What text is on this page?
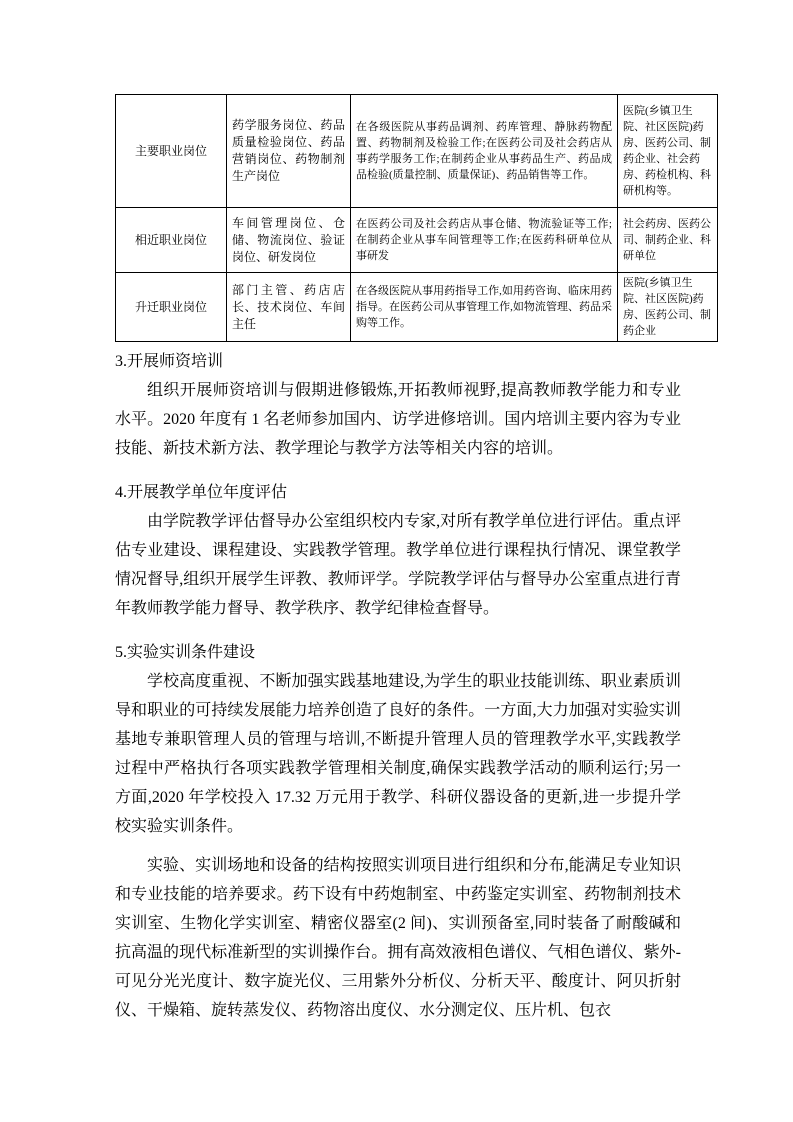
主要职业岗位	药学服务岗位、药品质量检验岗位、药品营销岗位、药物制剂生产岗位	在各级医院从事药品调剂、药库管理、静脉药物配置、药物制剂及检验工作;在医药公司及社会药店从事药学服务工作;在制药企业从事药品生产、药品成品检验(质量控制、质量保证)、药品销售等工作。	医院(乡镇卫生院、社区医院)药房、医药公司、制药企业、社会药房、药检机构、科研机构等。
相近职业岗位	车间管理岗位、仓储、物流岗位、验证岗位、研发岗位	在医药公司及社会药店从事仓储、物流验证等工作;在制药企业从事车间管理等工作;在医药科研单位从事研发	社会药房、医药公司、制药企业、科研单位
升迁职业岗位	部门主管、药店店长、技术岗位、车间主任	在各级医院从事用药指导工作,如用药咨询、临床用药指导。在医药公司从事管理工作,如物流管理、药品采购等工作。	医院(乡镇卫生院、社区医院)药房、医药公司、制药企业

3.开展师资培训

组织开展师资培训与假期进修锻炼,开拓教师视野,提高教师教学能力和专业水平。2020 年度有 1 名老师参加国内、访学进修培训。国内培训主要内容为专业技能、新技术新方法、教学理论与教学方法等相关内容的培训。

4.开展教学单位年度评估

由学院教学评估督导办公室组织校内专家,对所有教学单位进行评估。重点评估专业建设、课程建设、实践教学管理。教学单位进行课程执行情况、课堂教学情况督导,组织开展学生评教、教师评学。学院教学评估与督导办公室重点进行青年教师教学能力督导、教学秩序、教学纪律检查督导。

5.实验实训条件建设

学校高度重视、不断加强实践基地建设,为学生的职业技能训练、职业素质训导和职业的可持续发展能力培养创造了良好的条件。一方面,大力加强对实验实训基地专兼职管理人员的管理与培训,不断提升管理人员的管理教学水平,实践教学过程中严格执行各项实践教学管理相关制度,确保实践教学活动的顺利运行;另一方面,2020 年学校投入 17.32 万元用于教学、科研仪器设备的更新,进一步提升学校实验实训条件。

实验、实训场地和设备的结构按照实训项目进行组织和分布,能满足专业知识和专业技能的培养要求。药下设有中药炮制室、中药鉴定实训室、药物制剂技术实训室、生物化学实训室、精密仪器室(2 间)、实训预备室,同时装备了耐酸碱和抗高温的现代标准新型的实训操作台。拥有高效液相色谱仪、气相色谱仪、紫外-可见分光光度计、数字旋光仪、三用紫外分析仪、分析天平、酸度计、阿贝折射仪、干燥箱、旋转蒸发仪、药物溶出度仪、水分测定仪、压片机、包衣
